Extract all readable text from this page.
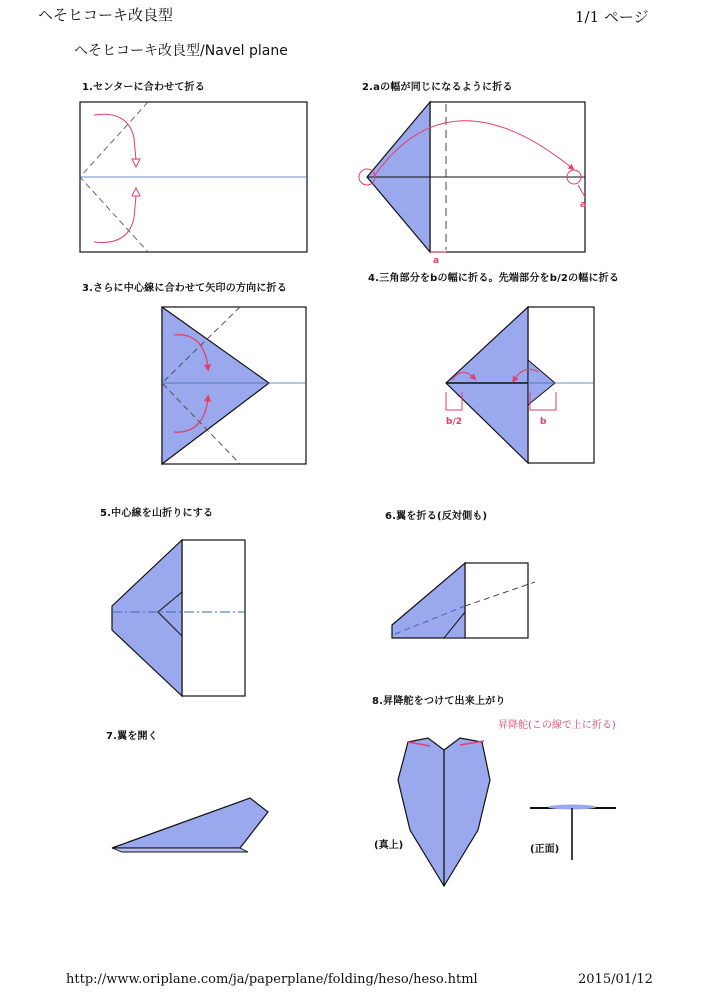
ヘそヒコーキ改良型	1/1 ページ
へそヒコーキ改良型/Navel plane
1.センターに合わせて折る	2.aの幅が同じになるように折る
3.さらに中心線に合わせて矢印の方向に折る
4.三角部分をbの幅に折る。先端部分をb/2の幅に折る
5.中心線を山折りにする	6.翼を折る(反対側も)
7.翼を開く
8.昇降舵をつけて出来上がり
昇降舵(この線で上に折る)
(真上)	(正面)
http://www.oriplane.com/ja/paperplane/folding/heso/heso.html	2015/01/12
a
a
b/2	b
